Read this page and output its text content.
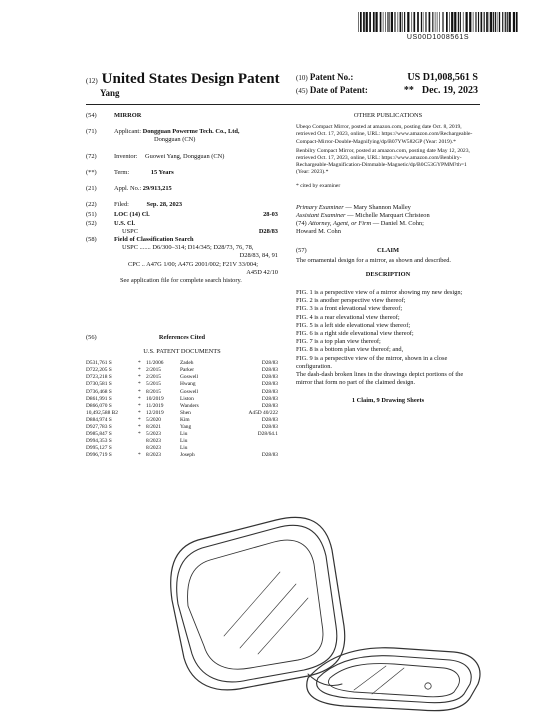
US00D1008561S
(12) United States Design Patent
Yang
(10) Patent No.:	US D1,008,561 S
(45) Date of Patent:	** Dec. 19, 2023
(54)	MIRROR
(71)	Applicant: Dongguan Powerme Tech. Co., Ltd,
Dongguan (CN)
(72)	Inventor: Guowei Yang, Dongguan (CN)
(**)	Term:	15 Years
(21)	Appl. No.: 29/913,215
(22)	Filed:	Sep. 28, 2023
(51)	LOC (14) Cl.	28-03
(52)	U.S. Cl.
USPC	D28/83
(58)	Field of Classification Search
USPC ....... D6/300–314; D14/345; D28/73, 76, 78,
D28/83, 84, 91
CPC .. A47G 1/00; A47G 2001/002; F21V 33/004;
A45D 42/10
See application file for complete search history.
(56)	References Cited
U.S. PATENT DOCUMENTS
D531,761 S	*	11/2006	Zadeh	D28/83
D722,205 S	*	2/2015	Parker	D28/83
D723,218 S	*	2/2015	Goswell	D28/83
D730,581 S	*	5/2015	Hwang	D28/83
D736,468 S	*	8/2015	Goswell	D28/83
D861,991 S	*	10/2019	Liston	D28/83
D866,070 S	*	11/2019	Wanders	D28/83
10,492,588 B2	*	12/2019	Shen	A45D 40/222
D884,974 S	*	5/2020	Kim	D28/83
D927,783 S	*	8/2021	Yang	D28/83
D985,847 S	*	5/2023	Liu	D28/64.1
D994,353 S		8/2023	Liu	
D995,127 S		8/2023	Liu	
D996,719 S	*	8/2023	Joseph	D28/83
OTHER PUBLICATIONS
Ubeqo Compact Mirror, posted at amazon.com, posting date Oct. 8, 2019, retrieved Oct. 17, 2023, online, URL: https://www.amazon.com/Rechargeable-Compact-Mirror-Double-Magnifying/dp/B07YW582GP (Year: 2019).*
Benbilry Compact Mirror, posted at amazon.com, posting date May 12, 2023, retrieved Oct. 17, 2023, online, URL: https://www.amazon.com/Benbilry-Rechargeable-Magnification-Dimmable-Magnetic/dp/B0C53GYPMM?th=1 (Year: 2023).*
* cited by examiner
Primary Examiner — Mary Shannon Malley
Assistant Examiner — Michelle Marquart Christeon
(74) Attorney, Agent, or Firm — Daniel M. Cohn;
Howard M. Cohn
(57)	CLAIM
The ornamental design for a mirror, as shown and described.
DESCRIPTION
FIG. 1 is a perspective view of a mirror showing my new design;
FIG. 2 is another perspective view thereof;
FIG. 3 is a front elevational view thereof;
FIG. 4 is a rear elevational view thereof;
FIG. 5 is a left side elevational view thereof;
FIG. 6 is a right side elevational view thereof;
FIG. 7 is a top plan view thereof;
FIG. 8 is a bottom plan view thereof; and,
FIG. 9 is a perspective view of the mirror, shown in a close configuration.
The dash-dash broken lines in the drawings depict portions of the mirror that form no part of the claimed design.
1 Claim, 9 Drawing Sheets
